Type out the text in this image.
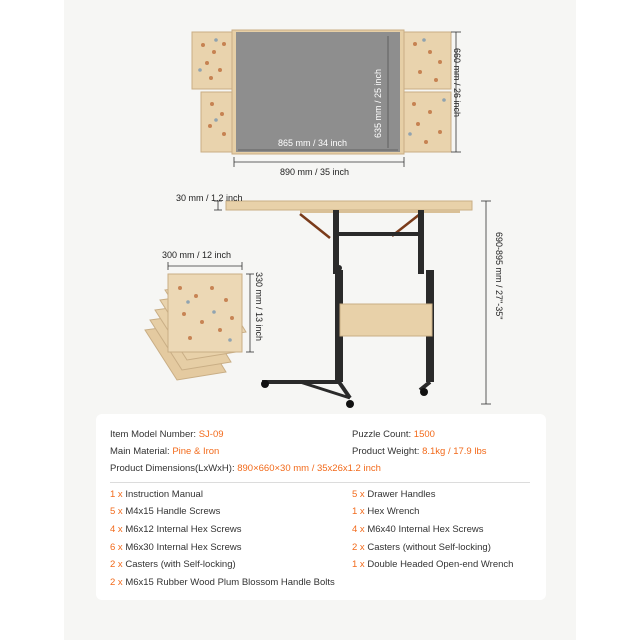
865 mm / 34 inch
635 mm / 25 inch
890 mm / 35 inch
660 mm / 26 inch
30 mm / 1.2 inch
690-895 mm / 27"-35"
300 mm / 12 inch
330 mm / 13 inch
Item Model Number: SJ-09	Puzzle Count: 1500
Main Material: Pine & Iron	Product Weight: 8.1kg / 17.9 lbs
Product Dimensions(LxWxH): 890×660×30 mm / 35x26x1.2 inch
1 x Instruction Manual
5 x M4x15 Handle Screws
4 x M6x12 Internal Hex Screws
6 x M6x30 Internal Hex Screws
2 x Casters (with Self-locking)
2 x M6x15 Rubber Wood Plum Blossom Handle Bolts
5 x Drawer Handles
1 x Hex Wrench
4 x M6x40 Internal Hex Screws
2 x Casters (without Self-locking)
1 x Double Headed Open-end Wrench
